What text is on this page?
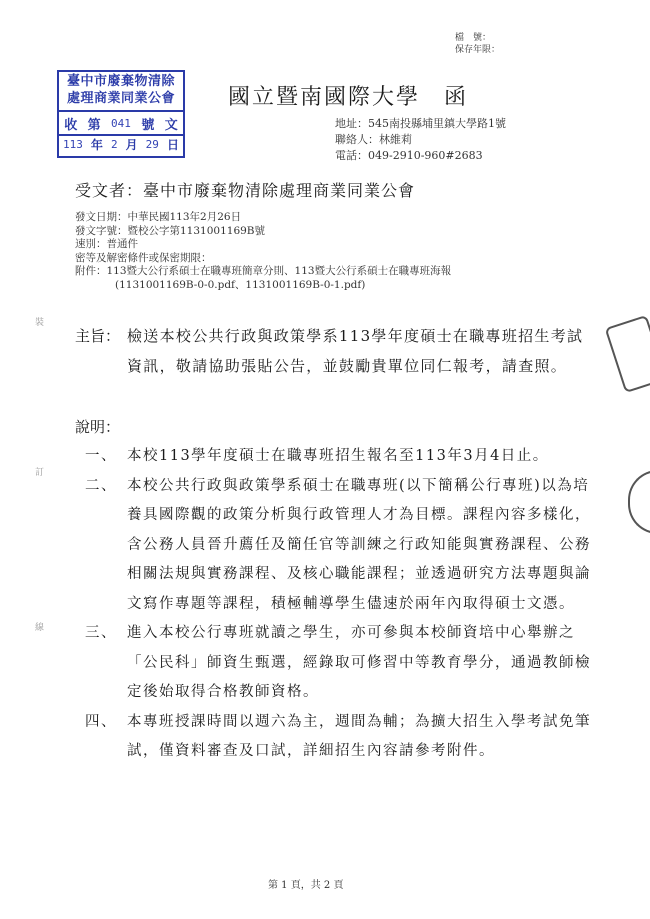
檔　號：
保存年限：
臺中市廢棄物清除
處理商業同業公會
收 第 041 號 文
113 年 2 月 29 日
國立暨南國際大學　函
地址：545南投縣埔里鎮大學路1號
聯絡人：林維莉
電話：049-2910-960#2683
受文者：臺中市廢棄物清除處理商業同業公會
發文日期：中華民國113年2月26日
發文字號：暨校公字第1131001169B號
速別：普通件
密等及解密條件或保密期限：
附件：113暨大公行系碩士在職專班簡章分則、113暨大公行系碩士在職專班海報
(1131001169B-0-0.pdf、1131001169B-0-1.pdf)
主旨： 檢送本校公共行政與政策學系113學年度碩士在職專班招生考試資訊，敬請協助張貼公告，並鼓勵貴單位同仁報考，請查照。
說明：
一、 本校113學年度碩士在職專班招生報名至113年3月4日止。
二、 本校公共行政與政策學系碩士在職專班(以下簡稱公行專班)以為培養具國際觀的政策分析與行政管理人才為目標。課程內容多樣化，含公務人員晉升薦任及簡任官等訓練之行政知能與實務課程、公務相關法規與實務課程、及核心職能課程；並透過研究方法專題與論文寫作專題等課程，積極輔導學生儘速於兩年內取得碩士文憑。
三、 進入本校公行專班就讀之學生，亦可參與本校師資培中心舉辦之「公民科」師資生甄選，經錄取可修習中等教育學分，通過教師檢定後始取得合格教師資格。
四、 本專班授課時間以週六為主，週間為輔；為擴大招生入學考試免筆試，僅資料審查及口試，詳細招生內容請參考附件。
裝
訂
線
第 1 頁，共 2 頁
